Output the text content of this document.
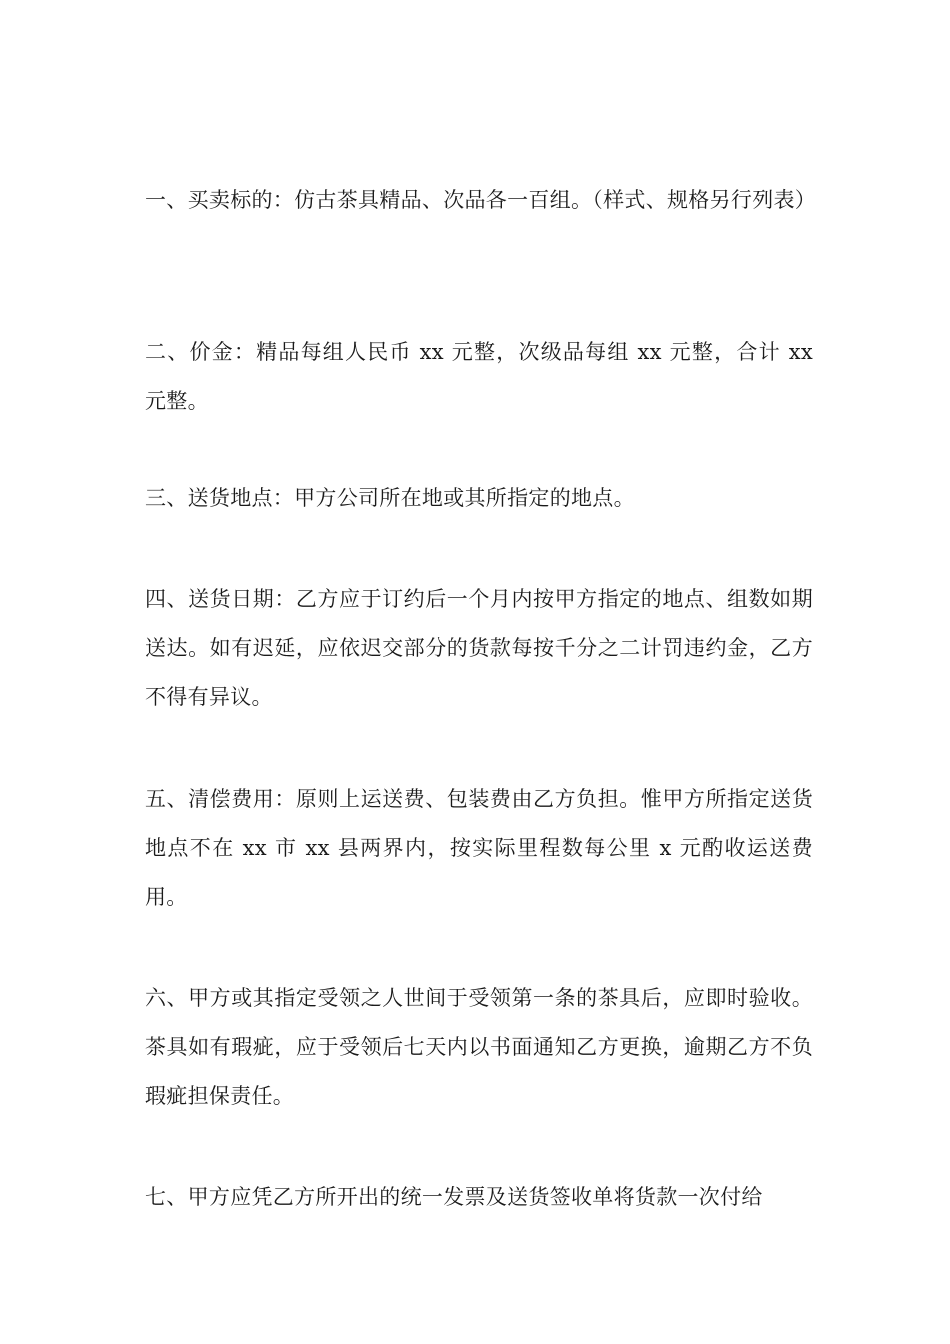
一、买卖标的：仿古茶具精品、次品各一百组。（样式、规格另行列表）

二、价金：精品每组人民币 xx 元整，次级品每组 xx 元整，合计 xx 元整。

三、送货地点：甲方公司所在地或其所指定的地点。

四、送货日期：乙方应于订约后一个月内按甲方指定的地点、组数如期送达。如有迟延，应依迟交部分的货款每按千分之二计罚违约金，乙方不得有异议。

五、清偿费用：原则上运送费、包装费由乙方负担。惟甲方所指定送货地点不在 xx 市 xx 县两界内，按实际里程数每公里 x 元酌收运送费用。

六、甲方或其指定受领之人世间于受领第一条的茶具后，应即时验收。茶具如有瑕疵，应于受领后七天内以书面通知乙方更换，逾期乙方不负瑕疵担保责任。

七、甲方应凭乙方所开出的统一发票及送货签收单将货款一次付给
